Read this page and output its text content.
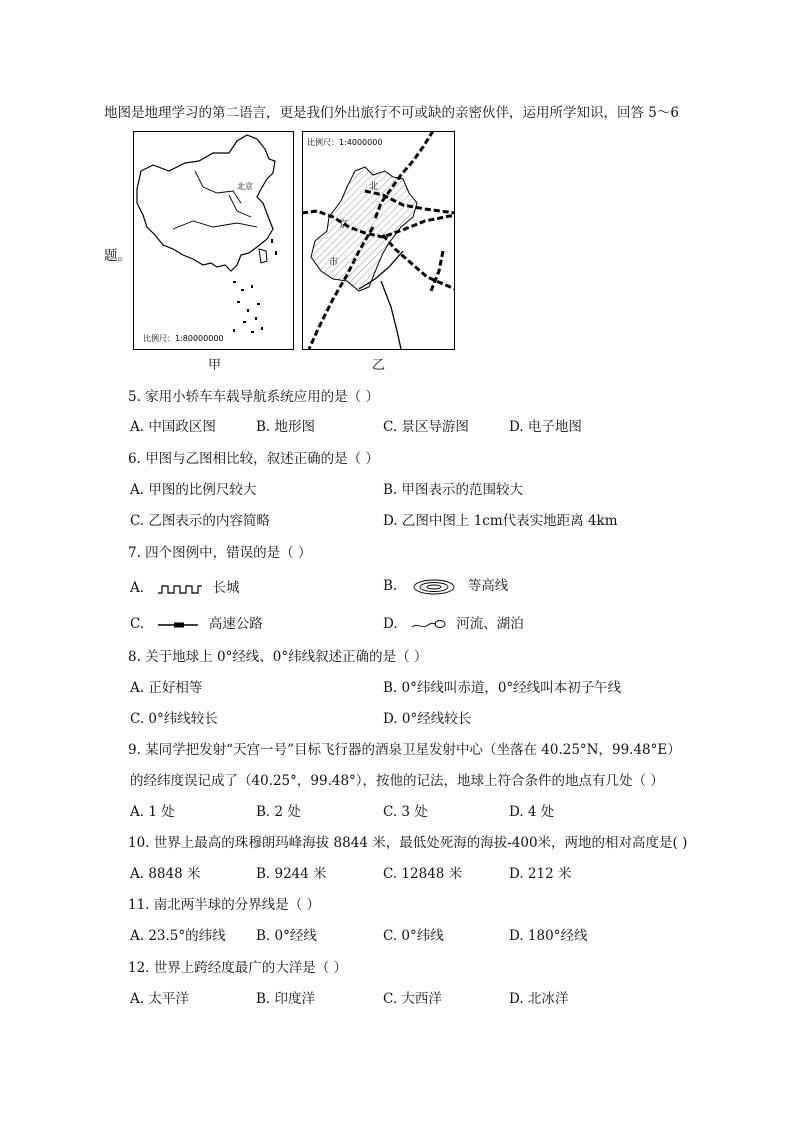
地图是地理学习的第二语言，更是我们外出旅行不可或缺的亲密伙伴，运用所学知识，回答 5～6
题。
北京
比例尺：1:80000000
北
京
市
比例尺：1:4000000
甲	乙
5. 家用小轿车车载导航系统应用的是（ ）
A. 中国政区图	B. 地形图	C. 景区导游图	D. 电子地图
6. 甲图与乙图相比较，叙述正确的是（ ）
A. 甲图的比例尺较大	B. 甲图表示的范围较大
C. 乙图表示的内容简略	D. 乙图中图上 1cm代表实地距离 4km
7. 四个图例中，错误的是（ ）
A.	长城	B.	等高线
C.	高速公路	D.	河流、湖泊
8. 关于地球上 0°经线、0°纬线叙述正确的是（ ）
A. 正好相等	B. 0°纬线叫赤道，0°经线叫本初子午线
C. 0°纬线较长	D. 0°经线较长
9. 某同学把发射“天宫一号”目标飞行器的酒泉卫星发射中心（坐落在 40.25°N，99.48°E）
的经纬度误记成了（40.25°，99.48°），按他的记法，地球上符合条件的地点有几处（ ）
A. 1 处	B. 2 处	C. 3 处	D. 4 处
10. 世界上最高的珠穆朗玛峰海拔 8844 米，最低处死海的海拔-400米，两地的相对高度是( )
A. 8848 米	B. 9244 米	C. 12848 米	D. 212 米
11. 南北两半球的分界线是（ ）
A. 23.5°的纬线 B. 0°经线	C. 0°纬线	D. 180°经线
12. 世界上跨经度最广的大洋是（ ）
A. 太平洋	B. 印度洋	C. 大西洋	D. 北冰洋
